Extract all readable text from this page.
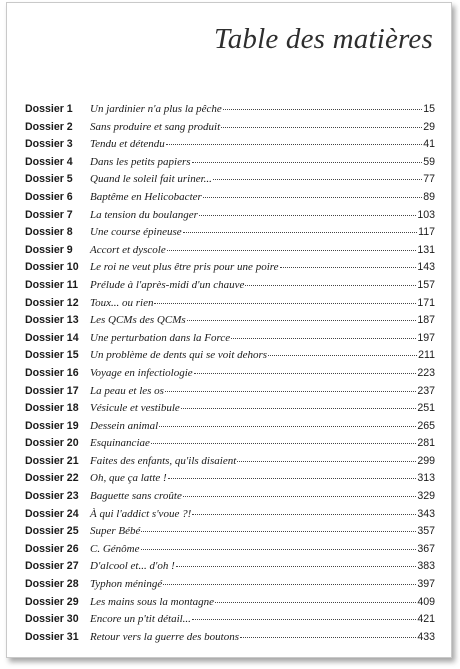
Table des matières
Dossier 1	Un jardinier n'a plus la pêche	15
Dossier 2	Sans produire et sang produit	29
Dossier 3	Tendu et détendu	41
Dossier 4	Dans les petits papiers	59
Dossier 5	Quand le soleil fait uriner...	77
Dossier 6	Baptême en Helicobacter	89
Dossier 7	La tension du boulanger	103
Dossier 8	Une course épineuse	117
Dossier 9	Accort et dyscole	131
Dossier 10	Le roi ne veut plus être pris pour une poire	143
Dossier 11	Prélude à l'après-midi d'un chauve	157
Dossier 12	Toux... ou rien	171
Dossier 13	Les QCMs des QCMs	187
Dossier 14	Une perturbation dans la Force	197
Dossier 15	Un problème de dents qui se voit dehors	211
Dossier 16	Voyage en infectiologie	223
Dossier 17	La peau et les os	237
Dossier 18	Vésicule et vestibule	251
Dossier 19	Dessein animal	265
Dossier 20	Esquinanciae	281
Dossier 21	Faites des enfants, qu'ils disaient	299
Dossier 22	Oh, que ça latte !	313
Dossier 23	Baguette sans croûte	329
Dossier 24	À qui l'addict s'voue ?!	343
Dossier 25	Super Bébé	357
Dossier 26	C. Génôme	367
Dossier 27	D'alcool et... d'oh !	383
Dossier 28	Typhon méningé	397
Dossier 29	Les mains sous la montagne	409
Dossier 30	Encore un p'tit détail...	421
Dossier 31	Retour vers la guerre des boutons	433
